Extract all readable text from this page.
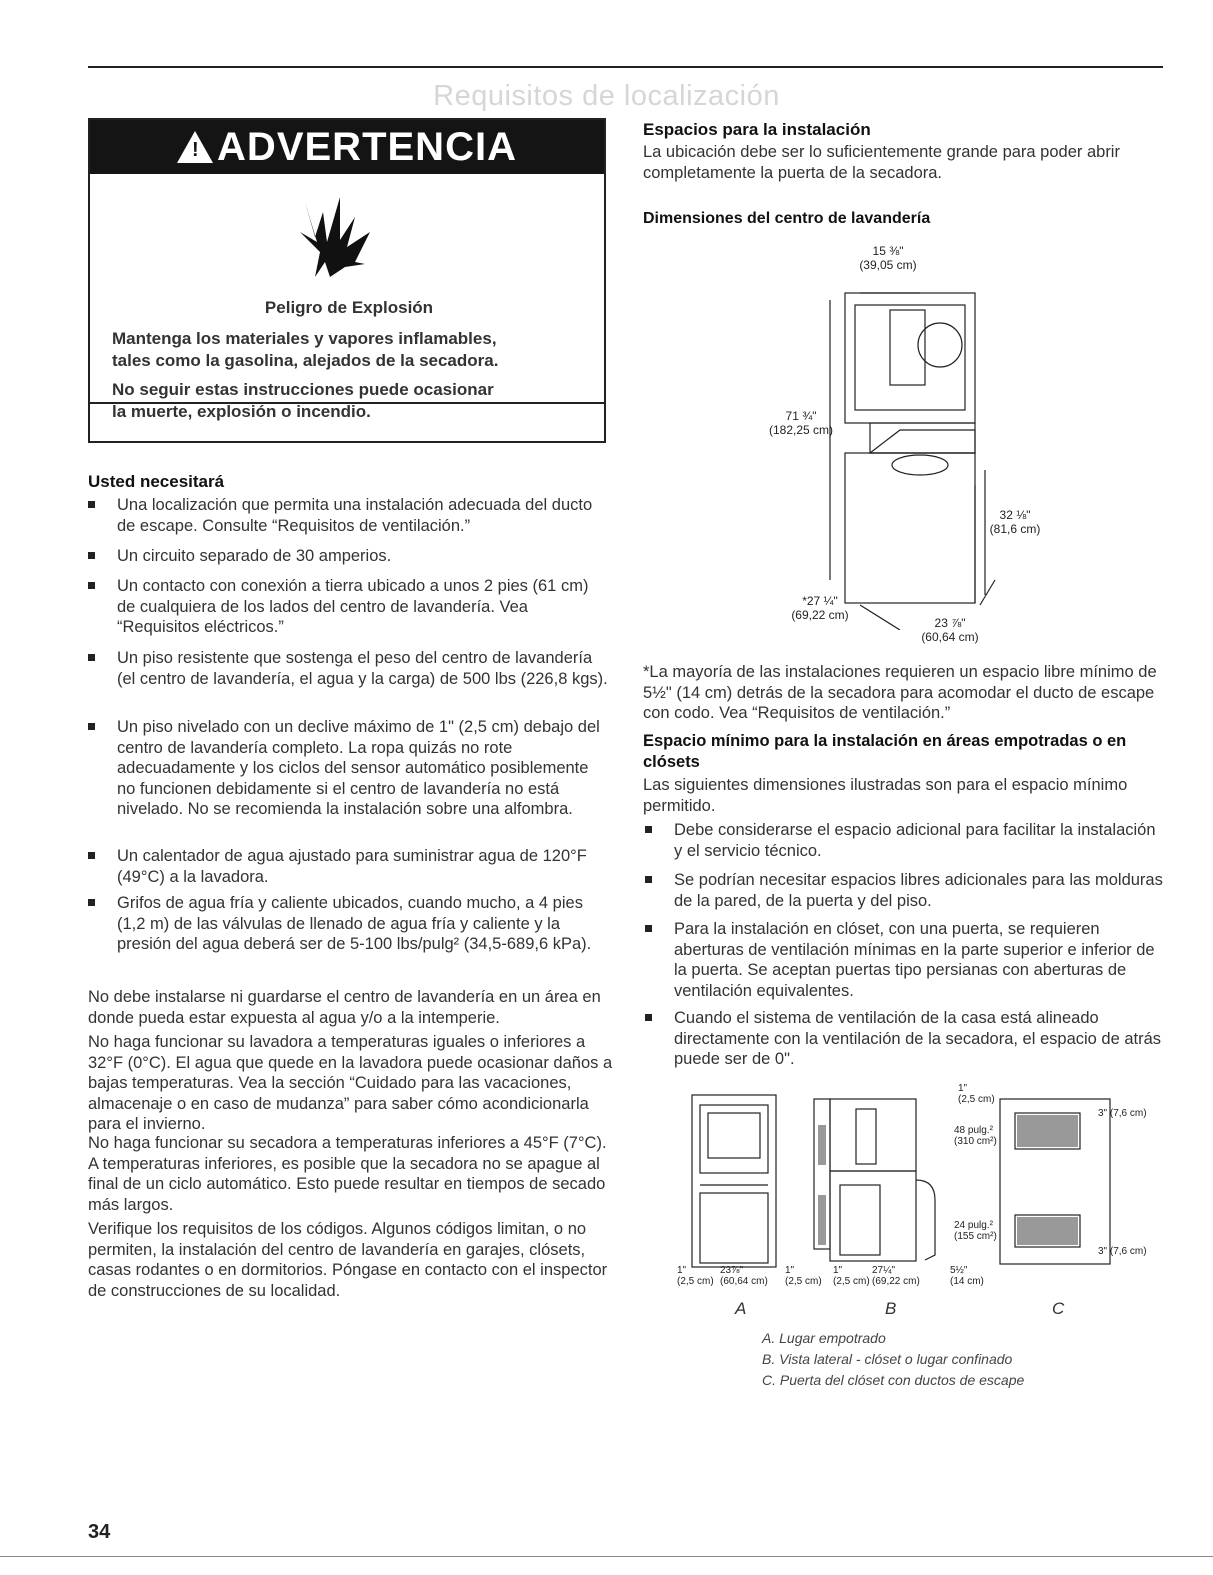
Requisitos de localización
! ADVERTENCIA
Peligro de Explosión
Mantenga los materiales y vapores inflamables,
tales como la gasolina, alejados de la secadora.
No seguir estas instrucciones puede ocasionar
la muerte, explosión o incendio.
Usted necesitará
Una localización que permita una instalación adecuada del ducto de escape. Consulte “Requisitos de ventilación.”
Un circuito separado de 30 amperios.
Un contacto con conexión a tierra ubicado a unos 2 pies (61 cm) de cualquiera de los lados del centro de lavandería. Vea “Requisitos eléctricos.”
Un piso resistente que sostenga el peso del centro de lavandería (el centro de lavandería, el agua y la carga) de 500 lbs (226,8 kgs).
Un piso nivelado con un declive máximo de 1" (2,5 cm) debajo del centro de lavandería completo. La ropa quizás no rote adecuadamente y los ciclos del sensor automático posiblemente no funcionen debidamente si el centro de lavandería no está nivelado. No se recomienda la instalación sobre una alfombra.
Un calentador de agua ajustado para suministrar agua de 120°F (49°C) a la lavadora.
Grifos de agua fría y caliente ubicados, cuando mucho, a 4 pies (1,2 m) de las válvulas de llenado de agua fría y caliente y la presión del agua deberá ser de 5-100 lbs/pulg² (34,5-689,6 kPa).
No debe instalarse ni guardarse el centro de lavandería en un área en donde pueda estar expuesta al agua y/o a la intemperie.
No haga funcionar su lavadora a temperaturas iguales o inferiores a 32°F (0°C). El agua que quede en la lavadora puede ocasionar daños a bajas temperaturas. Vea la sección “Cuidado para las vacaciones, almacenaje o en caso de mudanza” para saber cómo acondicionarla para el invierno.
No haga funcionar su secadora a temperaturas inferiores a 45°F (7°C). A temperaturas inferiores, es posible que la secadora no se apague al final de un ciclo automático. Esto puede resultar en tiempos de secado más largos.
Verifique los requisitos de los códigos. Algunos códigos limitan, o no permiten, la instalación del centro de lavandería en garajes, clósets, casas rodantes o en dormitorios. Póngase en contacto con el inspector de construcciones de su localidad.
Espacios para la instalación
La ubicación debe ser lo suficientemente grande para poder abrir completamente la puerta de la secadora.
Dimensiones del centro de lavandería
15 ⅜"
(39,05 cm)
71 ¾"
(182,25 cm)
32 ⅛"
(81,6 cm)
*27 ¼"
(69,22 cm)
23 ⅞"
(60,64 cm)
*La mayoría de las instalaciones requieren un espacio libre mínimo de 5½" (14 cm) detrás de la secadora para acomodar el ducto de escape con codo. Vea “Requisitos de ventilación.”
Espacio mínimo para la instalación en áreas empotradas o en clósets
Las siguientes dimensiones ilustradas son para el espacio mínimo permitido.
Debe considerarse el espacio adicional para facilitar la instalación y el servicio técnico.
Se podrían necesitar espacios libres adicionales para las molduras de la pared, de la puerta y del piso.
Para la instalación en clóset, con una puerta, se requieren aberturas de ventilación mínimas en la parte superior e inferior de la puerta. Se aceptan puertas tipo persianas con aberturas de ventilación equivalentes.
Cuando el sistema de ventilación de la casa está alineado directamente con la ventilación de la secadora, el espacio de atrás puede ser de 0".
1"
(2,5 cm)
23⅞"
(60,64 cm)
1"
(2,5 cm)
1"
(2,5 cm)
27¼"
(69,22 cm)
5½"
(14 cm)
1"
(2,5 cm)
48 pulg.²
(310 cm²)
24 pulg.²
(155 cm²)
3" (7,6 cm)
3" (7,6 cm)
A	B	C
A. Lugar empotrado
B. Vista lateral - clóset o lugar confinado
C. Puerta del clóset con ductos de escape
34
